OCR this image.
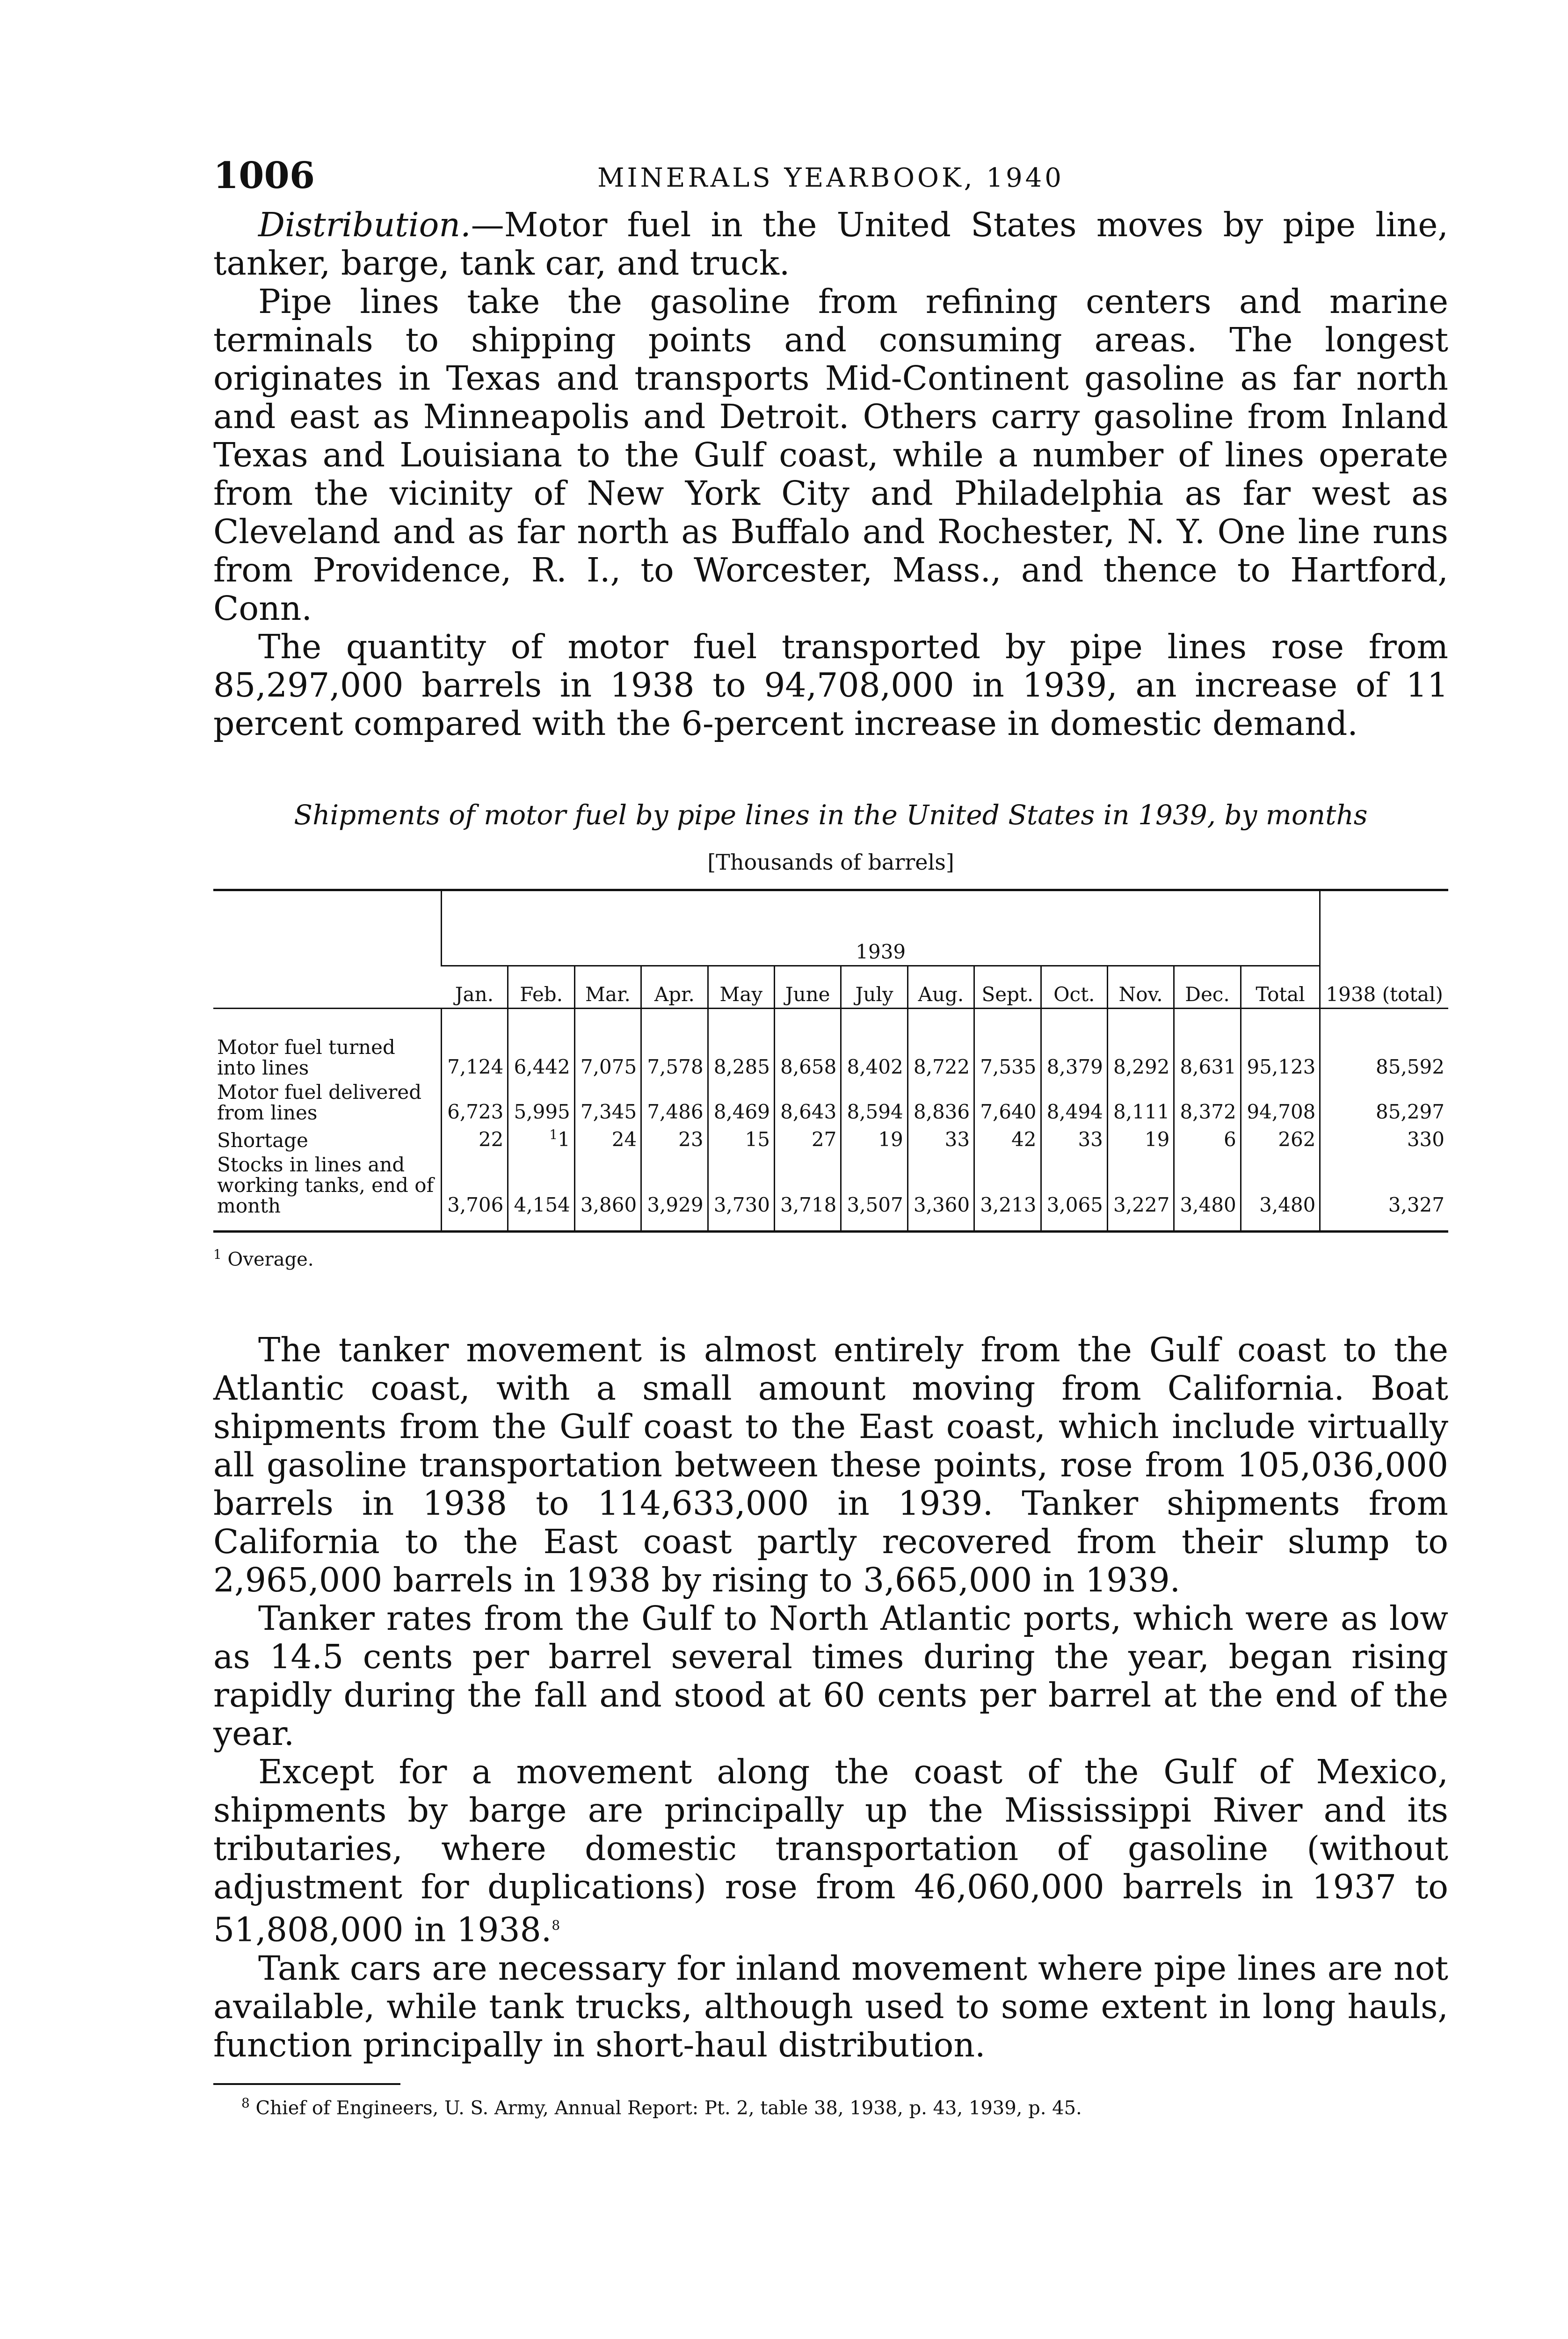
1006	MINERALS YEARBOOK, 1940

Distribution.—Motor fuel in the United States moves by pipe line, tanker, barge, tank car, and truck.

Pipe lines take the gasoline from refining centers and marine terminals to shipping points and consuming areas. The longest originates in Texas and transports Mid-Continent gasoline as far north and east as Minneapolis and Detroit. Others carry gasoline from Inland Texas and Louisiana to the Gulf coast, while a number of lines operate from the vicinity of New York City and Philadelphia as far west as Cleveland and as far north as Buffalo and Rochester, N. Y. One line runs from Providence, R. I., to Worcester, Mass., and thence to Hartford, Conn.

The quantity of motor fuel transported by pipe lines rose from 85,297,000 barrels in 1938 to 94,708,000 in 1939, an increase of 11 percent compared with the 6-percent increase in domestic demand.

Shipments of motor fuel by pipe lines in the United States in 1939, by months
[Thousands of barrels]
	1939													1938 (total)
	Jan.	Feb.	Mar.	Apr.	May	June	July	Aug.	Sept.	Oct.	Nov.	Dec.	Total	
Motor fuel turned into lines	7,124	6,442	7,075	7,578	8,285	8,658	8,402	8,722	7,535	8,379	8,292	8,631	95,123	85,592
Motor fuel delivered from lines	6,723	5,995	7,345	7,486	8,469	8,643	8,594	8,836	7,640	8,494	8,111	8,372	94,708	85,297
Shortage	22	$^1$1	24	23	15	27	19	33	42	33	19	6	262	330
Stocks in lines and working tanks, end of month	3,706	4,154	3,860	3,929	3,730	3,718	3,507	3,360	3,213	3,065	3,227	3,480	3,480	3,327
$^1$ Overage.

The tanker movement is almost entirely from the Gulf coast to the Atlantic coast, with a small amount moving from California. Boat shipments from the Gulf coast to the East coast, which include virtually all gasoline transportation between these points, rose from 105,036,000 barrels in 1938 to 114,633,000 in 1939. Tanker shipments from California to the East coast partly recovered from their slump to 2,965,000 barrels in 1938 by rising to 3,665,000 in 1939.

Tanker rates from the Gulf to North Atlantic ports, which were as low as 14.5 cents per barrel several times during the year, began rising rapidly during the fall and stood at 60 cents per barrel at the end of the year.

Except for a movement along the coast of the Gulf of Mexico, shipments by barge are principally up the Mississippi River and its tributaries, where domestic transportation of gasoline (without adjustment for duplications) rose from 46,060,000 barrels in 1937 to 51,808,000 in 1938.$^8$

Tank cars are necessary for inland movement where pipe lines are not available, while tank trucks, although used to some extent in long hauls, function principally in short-haul distribution.

$^8$ Chief of Engineers, U. S. Army, Annual Report: Pt. 2, table 38, 1938, p. 43, 1939, p. 45.
